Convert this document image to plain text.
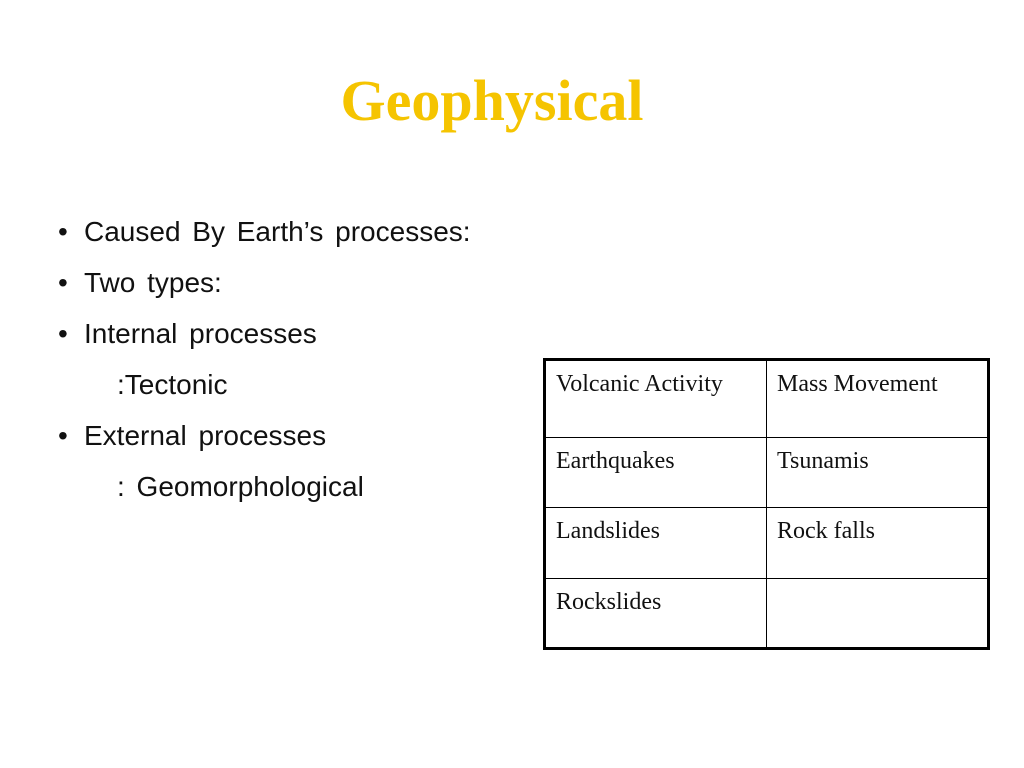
Geophysical
• Caused By Earth’s processes:
• Two types:
• Internal processes
:Tectonic
• External processes
: Geomorphological
Volcanic Activity	Mass Movement
Earthquakes	Tsunamis
Landslides	Rock falls
Rockslides	
